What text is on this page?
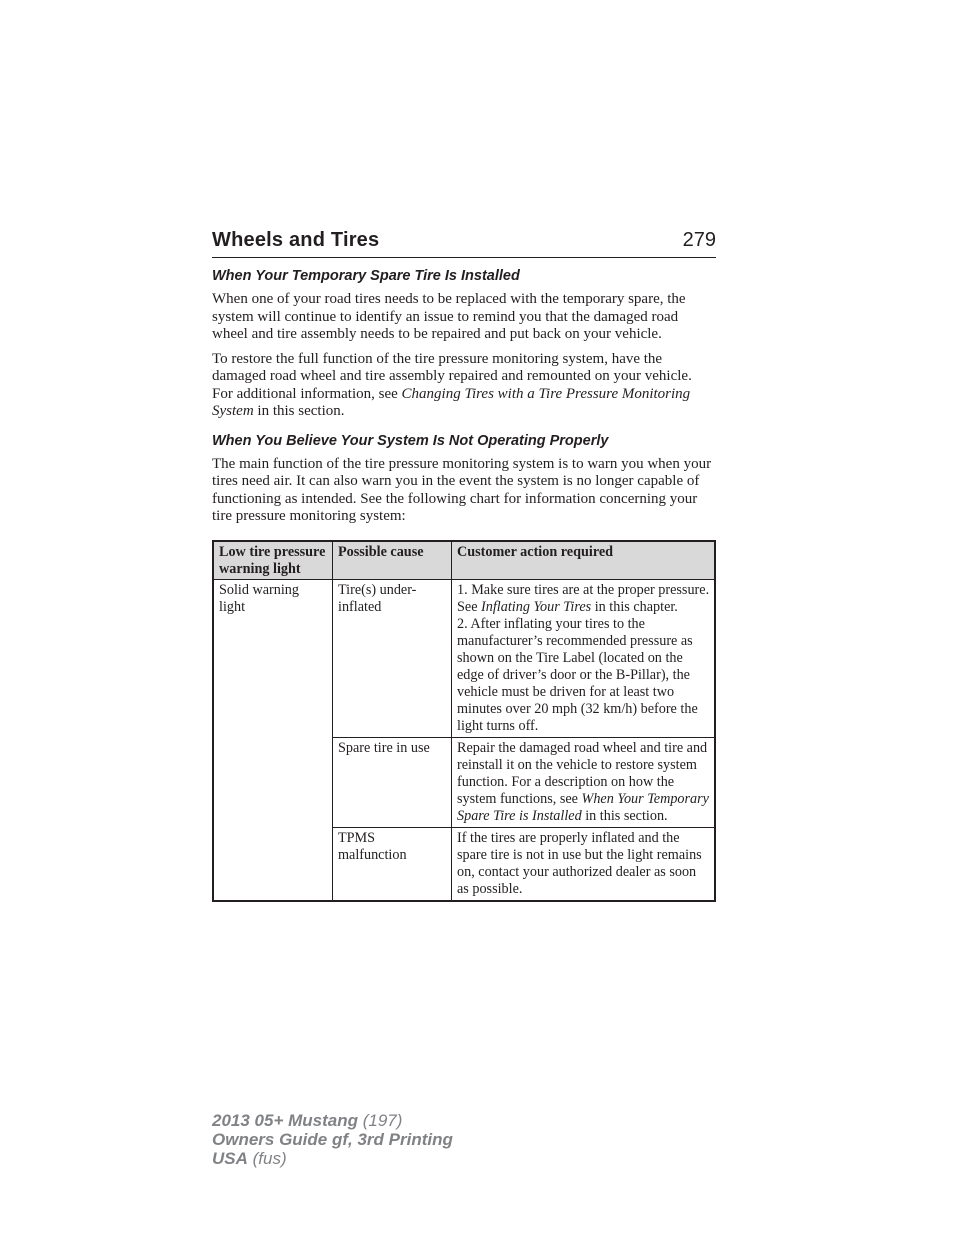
Wheels and Tires	279
When Your Temporary Spare Tire Is Installed

When one of your road tires needs to be replaced with the temporary spare, the system will continue to identify an issue to remind you that the damaged road wheel and tire assembly needs to be repaired and put back on your vehicle.

To restore the full function of the tire pressure monitoring system, have the damaged road wheel and tire assembly repaired and remounted on your vehicle. For additional information, see Changing Tires with a Tire Pressure Monitoring System in this section.

When You Believe Your System Is Not Operating Properly

The main function of the tire pressure monitoring system is to warn you when your tires need air. It can also warn you in the event the system is no longer capable of functioning as intended. See the following chart for information concerning your tire pressure monitoring system:

Low tire pressure warning light	Possible cause	Customer action required
Solid warning light	Tire(s) under-inflated	1. Make sure tires are at the proper pressure. See Inflating Your Tires in this chapter.
2. After inflating your tires to the manufacturer’s recommended pressure as shown on the Tire Label (located on the edge of driver’s door or the B-Pillar), the vehicle must be driven for at least two minutes over 20 mph (32 km/h) before the light turns off.
	Spare tire in use	Repair the damaged road wheel and tire and reinstall it on the vehicle to restore system function. For a description on how the system functions, see When Your Temporary Spare Tire is Installed in this section.
	TPMS malfunction	If the tires are properly inflated and the spare tire is not in use but the light remains on, contact your authorized dealer as soon as possible.
2013 05+ Mustang (197)
Owners Guide gf, 3rd Printing
USA (fus)
